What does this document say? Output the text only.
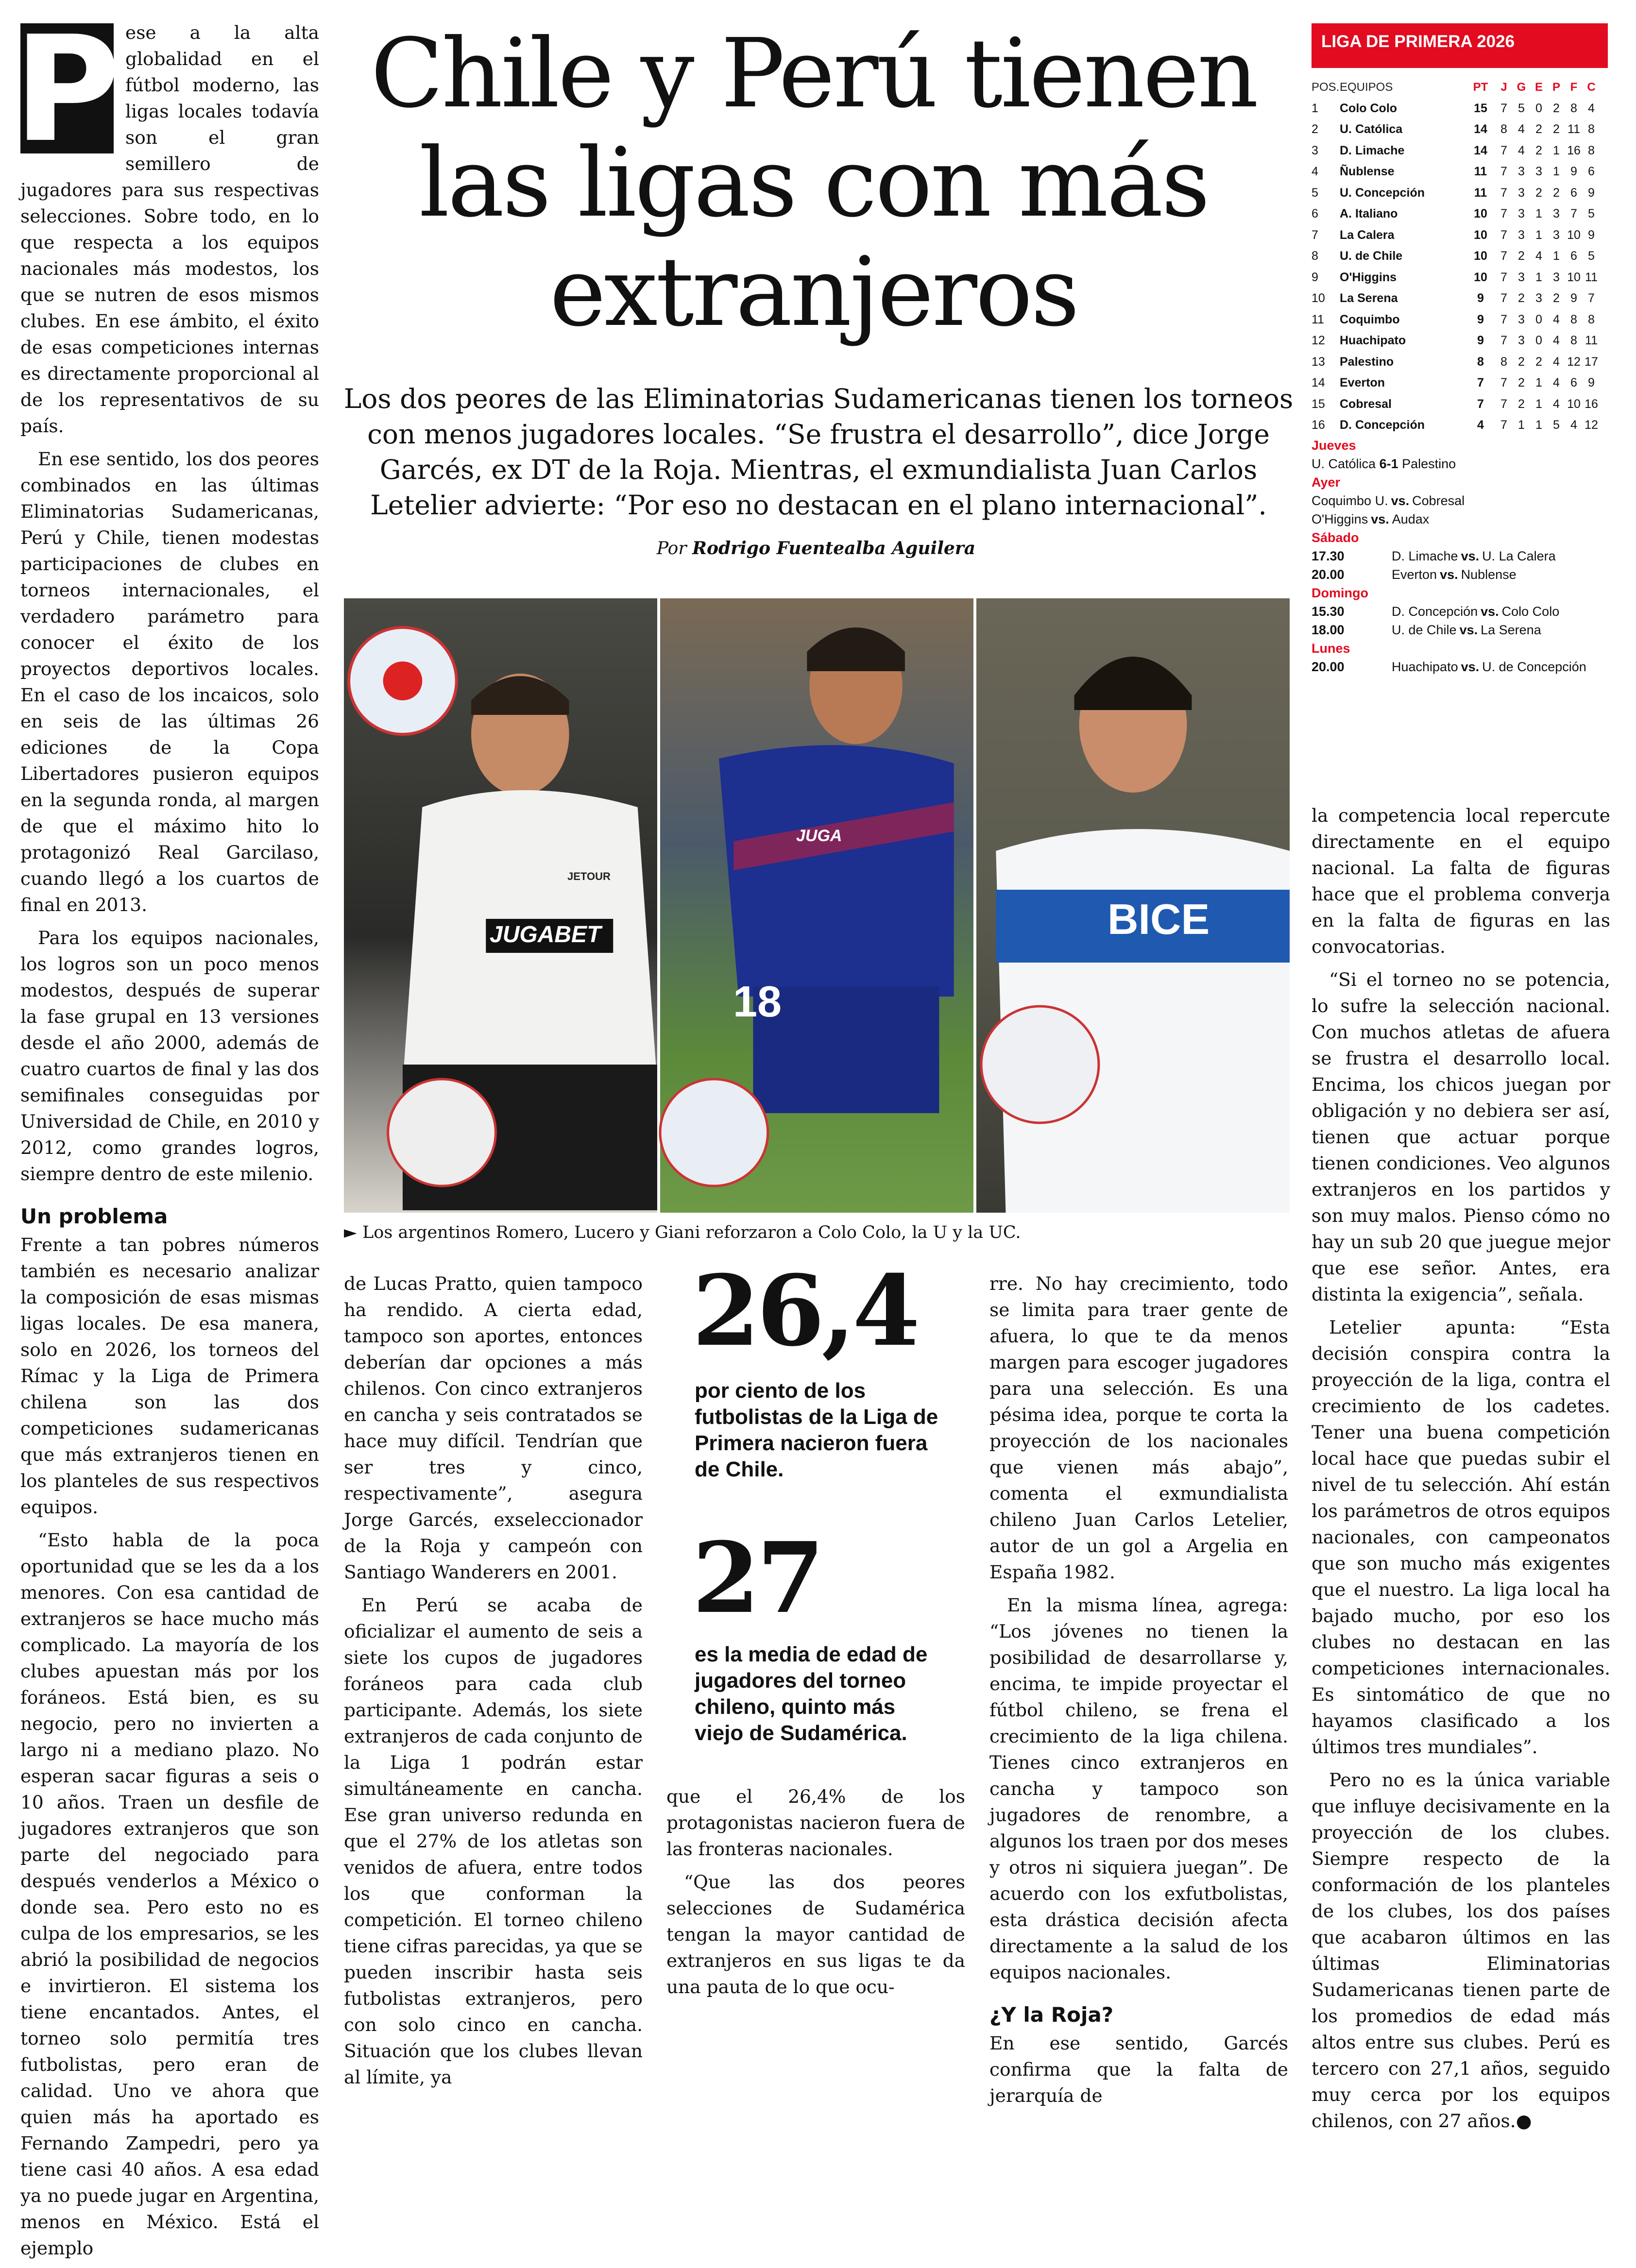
P ese a la alta globalidad en el fútbol moderno, las ligas locales todavía son el gran semillero de jugadores para sus respectivas selecciones. Sobre todo, en lo que respecta a los equipos nacionales más modestos, los que se nutren de esos mismos clubes. En ese ámbito, el éxito de esas competiciones internas es directamente proporcional al de los representativos de su país.

En ese sentido, los dos peores combinados en las últimas Eliminatorias Sudamericanas, Perú y Chile, tienen modestas participaciones de clubes en torneos internacionales, el verdadero parámetro para conocer el éxito de los proyectos deportivos locales. En el caso de los incaicos, solo en seis de las últimas 26 ediciones de la Copa Libertadores pusieron equipos en la segunda ronda, al margen de que el máximo hito lo protagonizó Real Garcilaso, cuando llegó a los cuartos de final en 2013.

Para los equipos nacionales, los logros son un poco menos modestos, después de superar la fase grupal en 13 versiones desde el año 2000, además de cuatro cuartos de final y las dos semifinales conseguidas por Universidad de Chile, en 2010 y 2012, como grandes logros, siempre dentro de este milenio.

Un problema

Frente a tan pobres números también es necesario analizar la composición de esas mismas ligas locales. De esa manera, solo en 2026, los torneos del Rímac y la Liga de Primera chilena son las dos competiciones sudamericanas que más extranjeros tienen en los planteles de sus respectivos equipos.

“Esto habla de la poca oportunidad que se les da a los menores. Con esa cantidad de extranjeros se hace mucho más complicado. La mayoría de los clubes apuestan más por los foráneos. Está bien, es su negocio, pero no invierten a largo ni a mediano plazo. No esperan sacar figuras a seis o 10 años. Traen un desfile de jugadores extranjeros que son parte del negociado para después venderlos a México o donde sea. Pero esto no es culpa de los empresarios, se les abrió la posibilidad de negocios e invirtieron. El sistema los tiene encantados. Antes, el torneo solo permitía tres futbolistas, pero eran de calidad. Uno ve ahora que quien más ha aportado es Fernando Zampedri, pero ya tiene casi 40 años. A esa edad ya no puede jugar en Argentina, menos en México. Está el ejemplo

Chile y Perú tienen las ligas con más extranjeros

Los dos peores de las Eliminatorias Sudamericanas tienen los torneos con menos jugadores locales. “Se frustra el desarrollo”, dice Jorge Garcés, ex DT de la Roja. Mientras, el exmundialista Juan Carlos Letelier advierte: “Por eso no destacan en el plano internacional”.

Por Rodrigo Fuentealba Aguilera
JUGABET
JETOUR
JUGA
18
BICE
► Los argentinos Romero, Lucero y Giani reforzaron a Colo Colo, la U y la UC.

de Lucas Pratto, quien tampoco ha rendido. A cierta edad, tampoco son aportes, entonces deberían dar opciones a más chilenos. Con cinco extranjeros en cancha y seis contratados se hace muy difícil. Tendrían que ser tres y cinco, respectivamente”, asegura Jorge Garcés, exseleccionador de la Roja y campeón con Santiago Wanderers en 2001.

En Perú se acaba de oficializar el aumento de seis a siete los cupos de jugadores foráneos para cada club participante. Además, los siete extranjeros de cada conjunto de la Liga 1 podrán estar simultáneamente en cancha. Ese gran universo redunda en que el 27% de los atletas son venidos de afuera, entre todos los que conforman la competición. El torneo chileno tiene cifras parecidas, ya que se pueden inscribir hasta seis futbolistas extranjeros, pero con solo cinco en cancha. Situación que los clubes llevan al límite, ya

26,4
por ciento de los futbolistas de la Liga de Primera nacieron fuera de Chile.
27
es la media de edad de jugadores del torneo chileno, quinto más viejo de Sudamérica.

que el 26,4% de los protagonistas nacieron fuera de las fronteras nacionales.

“Que las dos peores selecciones de Sudamérica tengan la mayor cantidad de extranjeros en sus ligas te da una pauta de lo que ocu-

rre. No hay crecimiento, todo se limita para traer gente de afuera, lo que te da menos margen para escoger jugadores para una selección. Es una pésima idea, porque te corta la proyección de los nacionales que vienen más abajo”, comenta el exmundialista chileno Juan Carlos Letelier, autor de un gol a Argelia en España 1982.

En la misma línea, agrega: “Los jóvenes no tienen la posibilidad de desarrollarse y, encima, te impide proyectar el fútbol chileno, se frena el crecimiento de la liga chilena. Tienes cinco extranjeros en cancha y tampoco son jugadores de renombre, a algunos los traen por dos meses y otros ni siquiera juegan”. De acuerdo con los exfutbolistas, esta drástica decisión afecta directamente a la salud de los equipos nacionales.

¿Y la Roja?

En ese sentido, Garcés confirma que la falta de jerarquía de

la competencia local repercute directamente en el equipo nacional. La falta de figuras hace que el problema converja en la falta de figuras en las convocatorias.

“Si el torneo no se potencia, lo sufre la selección nacional. Con muchos atletas de afuera se frustra el desarrollo local. Encima, los chicos juegan por obligación y no debiera ser así, tienen que actuar porque tienen condiciones. Veo algunos extranjeros en los partidos y son muy malos. Pienso cómo no hay un sub 20 que juegue mejor que ese señor. Antes, era distinta la exigencia”, señala.

Letelier apunta: “Esta decisión conspira contra la proyección de la liga, contra el crecimiento de los cadetes. Tener una buena competición local hace que puedas subir el nivel de tu selección. Ahí están los parámetros de otros equipos nacionales, con campeonatos que son mucho más exigentes que el nuestro. La liga local ha bajado mucho, por eso los clubes no destacan en las competiciones internacionales. Es sintomático de que no hayamos clasificado a los últimos tres mundiales”.

Pero no es la única variable que influye decisivamente en la proyección de los clubes. Siempre respecto de la conformación de los planteles de los clubes, los dos países que acabaron últimos en las últimas Eliminatorias Sudamericanas tienen parte de los promedios de edad más altos entre sus clubes. Perú es tercero con 27,1 años, seguido muy cerca por los equipos chilenos, con 27 años.●

LIGA DE PRIMERA 2026
POS. EQUIPOS	PT	J G E P F C
1	Colo Colo	15	7 5 0 2 8 4
2	U. Católica	14	8 4 2 2 11 8
3	D. Limache	14	7 4 2 1 16 8
4	Ñublense	11	7 3 3 1 9 6
5	U. Concepción	11	7 3 2 2 6 9
6	A. Italiano	10	7 3 1 3 7 5
7	La Calera	10	7 3 1 3 10 9
8	U. de Chile	10	7 2 4 1 6 5
9	O'Higgins	10	7 3 1 3 10 11
10	La Serena	9	7 2 3 2 9 7
11	Coquimbo	9	7 3 0 4 8 8
12	Huachipato	9	7 3 0 4 8 11
13	Palestino	8	8 2 2 4 12 17
14	Everton	7	7 2 1 4 6 9
15	Cobresal	7	7 2 1 4 10 16
16	D. Concepción	4	7 1 1 5 4 12
Jueves
U. Católica 6-1 Palestino
Ayer
Coquimbo U. vs. Cobresal
O'Higgins vs. Audax
Sábado
17.30	D. Limache vs. U. La Calera
20.00	Everton vs. Nublense
Domingo
15.30	D. Concepción vs. Colo Colo
18.00	U. de Chile vs. La Serena
Lunes
20.00	Huachipato vs. U. de Concepción
